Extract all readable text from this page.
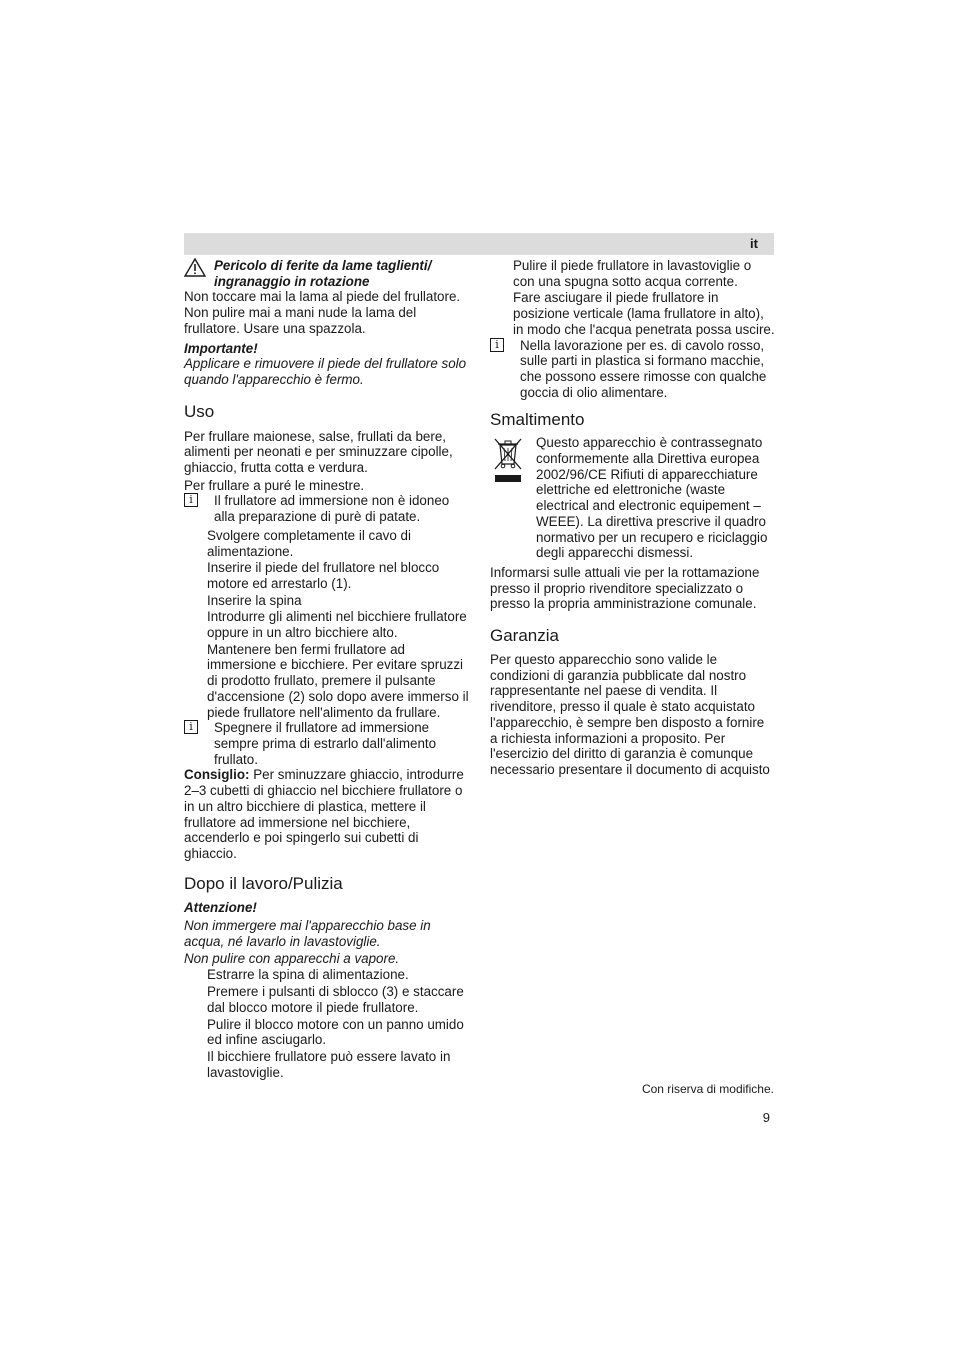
it

Pericolo di ferite da lame taglienti/ ingranaggio in rotazione

Non toccare mai la lama al piede del frullatore. Non pulire mai a mani nude la lama del frullatore. Usare una spazzola.

Importante!

Applicare e rimuovere il piede del frullatore solo quando l'apparecchio è fermo.

Uso

Per frullare maionese, salse, frullati da bere, alimenti per neonati e per sminuzzare cipolle, ghiaccio, frutta cotta e verdura.

Per frullare a puré le minestre.

i

Il frullatore ad immersione non è idoneo alla preparazione di purè di patate.

Svolgere completamente il cavo di alimentazione.

Inserire il piede del frullatore nel blocco motore ed arrestarlo (1).

Inserire la spina

Introdurre gli alimenti nel bicchiere frullatore oppure in un altro bicchiere alto.

Mantenere ben fermi frullatore ad immersione e bicchiere. Per evitare spruzzi di prodotto frullato, premere il pulsante d'accensione (2) solo dopo avere immerso il piede frullatore nell'alimento da frullare.

i

Spegnere il frullatore ad immersione sempre prima di estrarlo dall'alimento frullato.

Consiglio: Per sminuzzare ghiaccio, introdurre 2–3 cubetti di ghiaccio nel bicchiere frullatore o in un altro bicchiere di plastica, mettere il frullatore ad immersione nel bicchiere, accenderlo e poi spingerlo sui cubetti di ghiaccio.

Dopo il lavoro/Pulizia

Attenzione!

Non immergere mai l'apparecchio base in acqua, né lavarlo in lavastoviglie.

Non pulire con apparecchi a vapore.

Estrarre la spina di alimentazione.

Premere i pulsanti di sblocco (3) e staccare dal blocco motore il piede frullatore.

Pulire il blocco motore con un panno umido ed infine asciugarlo.

Il bicchiere frullatore può essere lavato in lavastoviglie.

Pulire il piede frullatore in lavastoviglie o con una spugna sotto acqua corrente.

Fare asciugare il piede frullatore in posizione verticale (lama frullatore in alto), in modo che l'acqua penetrata possa uscire.

i

Nella lavorazione per es. di cavolo rosso, sulle parti in plastica si formano macchie, che possono essere rimosse con qualche goccia di olio alimentare.

Smaltimento

Questo apparecchio è contrassegnato conformemente alla Direttiva europea 2002/96/CE Rifiuti di apparecchiature elettriche ed elettroniche (waste electrical and electronic equipement – WEEE). La direttiva prescrive il quadro normativo per un recupero e riciclaggio degli apparecchi dismessi.

Informarsi sulle attuali vie per la rottamazione presso il proprio rivenditore specializzato o presso la propria amministrazione comunale.

Garanzia

Per questo apparecchio sono valide le condizioni di garanzia pubblicate dal nostro rappresentante nel paese di vendita. Il rivenditore, presso il quale è stato acquistato l'apparecchio, è sempre ben disposto a fornire a richiesta informazioni a proposito. Per l'esercizio del diritto di garanzia è comunque necessario presentare il documento di acquisto

Con riserva di modifiche.
9
